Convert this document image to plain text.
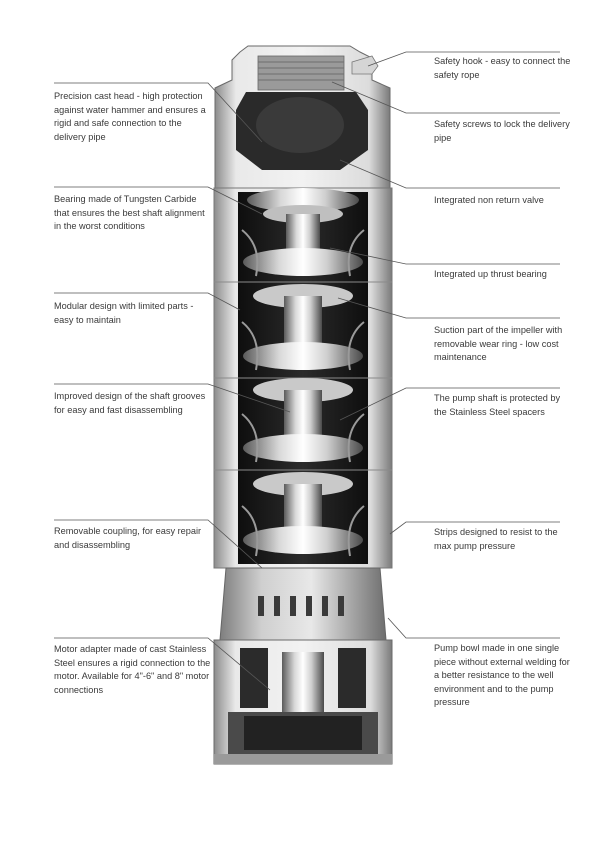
Precision cast head - high protection against water hammer and ensures a rigid and safe connection to the delivery pipe

Bearing made of Tungsten Carbide that ensures the best shaft alignment in the worst conditions

Modular design with limited parts - easy to maintain

Improved design of the shaft grooves for easy and fast disassembling

Removable coupling, for easy repair and disassembling

Motor adapter made of cast Stainless Steel ensures a rigid connection to the motor. Available for 4"-6" and 8" motor connections

Safety hook - easy to connect the safety rope

Safety screws to lock the delivery pipe

Integrated non return valve

Integrated up thrust bearing

Suction part of the impeller with removable wear ring - low cost maintenance

The pump shaft is protected by the Stainless Steel spacers

Strips designed to resist to the max pump pressure

Pump bowl made in one single piece without external welding for a better resistance to the well environment and to the pump pressure
